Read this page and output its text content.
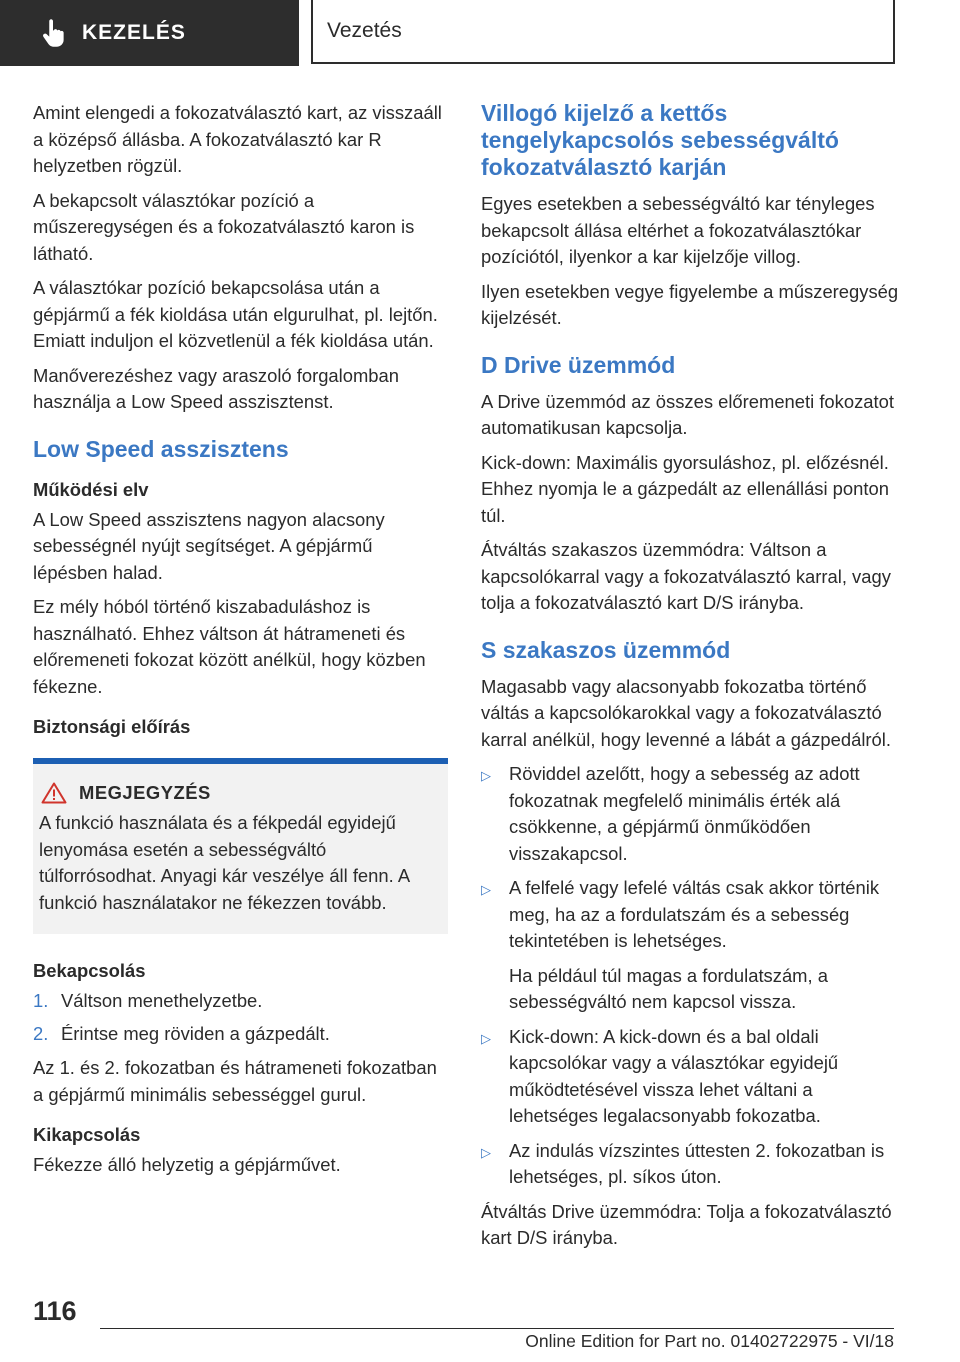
KEZELÉS	Vezetés

Amint elengedi a fokozatválasztó kart, az visszaáll a középső állásba. A fokozatválasztó kar R helyzetben rögzül.

A bekapcsolt választókar pozíció a műszeregységen és a fokozatválasztó karon is látható.

A választókar pozíció bekapcsolása után a gépjármű a fék kioldása után elgurulhat, pl. lejtőn. Emiatt induljon el közvetlenül a fék kioldása után.

Manőverezéshez vagy araszoló forgalomban használja a Low Speed asszisztenst.

Low Speed asszisztens
Működési elv

A Low Speed asszisztens nagyon alacsony sebességnél nyújt segítséget. A gépjármű lépésben halad.

Ez mély hóból történő kiszabaduláshoz is használható. Ehhez váltson át hátrameneti és előremeneti fokozat között anélkül, hogy közben fékezne.

Biztonsági előírás
MEGJEGYZÉS

A funkció használata és a fékpedál egyidejű lenyomása esetén a sebességváltó túlforrósodhat. Anyagi kár veszélye áll fenn. A funkció használatakor ne fékezzen tovább.

Bekapcsolás
1. Váltson menethelyzetbe.
2. Érintse meg röviden a gázpedált.

Az 1. és 2. fokozatban és hátrameneti fokozatban a gépjármű minimális sebességgel gurul.

Kikapcsolás

Fékezze álló helyzetig a gépjárművet.

Villogó kijelző a kettős tengelykapcsolós sebességváltó fokozatválasztó karján

Egyes esetekben a sebességváltó kar tényleges bekapcsolt állása eltérhet a fokozatválasztókar pozíciótól, ilyenkor a kar kijelzője villog.

Ilyen esetekben vegye figyelembe a műszeregység kijelzését.

D Drive üzemmód

A Drive üzemmód az összes előremeneti fokozatot automatikusan kapcsolja.

Kick-down: Maximális gyorsuláshoz, pl. előzésnél. Ehhez nyomja le a gázpedált az ellenállási ponton túl.

Átváltás szakaszos üzemmódra: Váltson a kapcsolókarral vagy a fokozatválasztó karral, vagy tolja a fokozatválasztó kart D/S irányba.

S szakaszos üzemmód

Magasabb vagy alacsonyabb fokozatba történő váltás a kapcsolókarokkal vagy a fokozatválasztó karral anélkül, hogy levenné a lábát a gázpedálról.

▷ Röviddel azelőtt, hogy a sebesség az adott fokozatnak megfelelő minimális érték alá csökkenne, a gépjármű önműködően visszakapcsol.

▷ A felfelé vagy lefelé váltás csak akkor történik meg, ha az a fordulatszám és a sebesség tekintetében is lehetséges.

Ha például túl magas a fordulatszám, a sebességváltó nem kapcsol vissza.

▷ Kick-down: A kick-down és a bal oldali kapcsolókar vagy a választókar egyidejű működtetésével vissza lehet váltani a lehetséges legalacsonyabb fokozatba.

▷ Az indulás vízszintes úttesten 2. fokozatban is lehetséges, pl. síkos úton.

Átváltás Drive üzemmódra: Tolja a fokozatválasztó kart D/S irányba.

116
Online Edition for Part no. 01402722975 - VI/18
